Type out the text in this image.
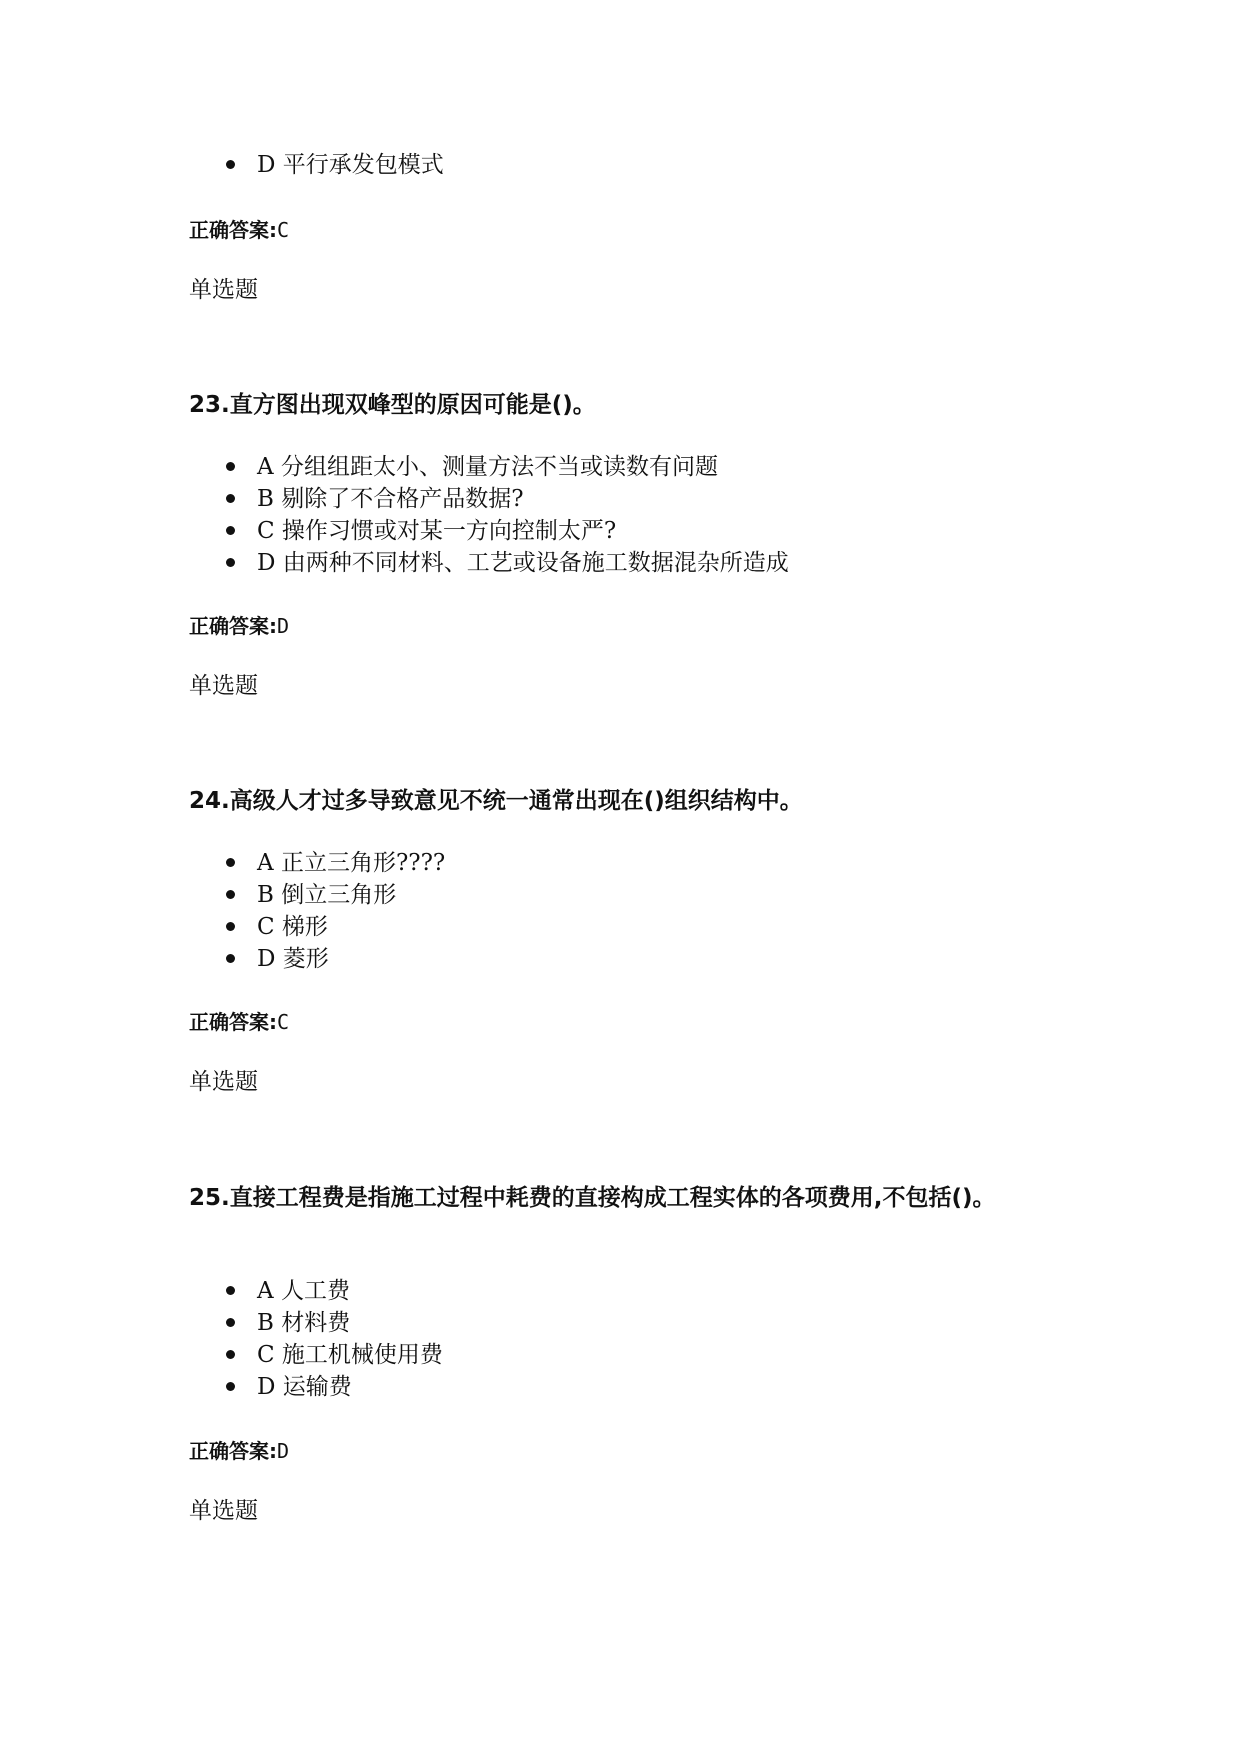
D 平行承发包模式
正确答案:C
单选题
23.直方图出现双峰型的原因可能是()。
A 分组组距太小、测量方法不当或读数有问题
B 剔除了不合格产品数据?
C 操作习惯或对某一方向控制太严?
D 由两种不同材料、工艺或设备施工数据混杂所造成
正确答案:D
单选题
24.高级人才过多导致意见不统一通常出现在()组织结构中。
A 正立三角形????
B 倒立三角形
C 梯形
D 菱形
正确答案:C
单选题
25.直接工程费是指施工过程中耗费的直接构成工程实体的各项费用,不包括()。
A 人工费
B 材料费
C 施工机械使用费
D 运输费
正确答案:D
单选题
